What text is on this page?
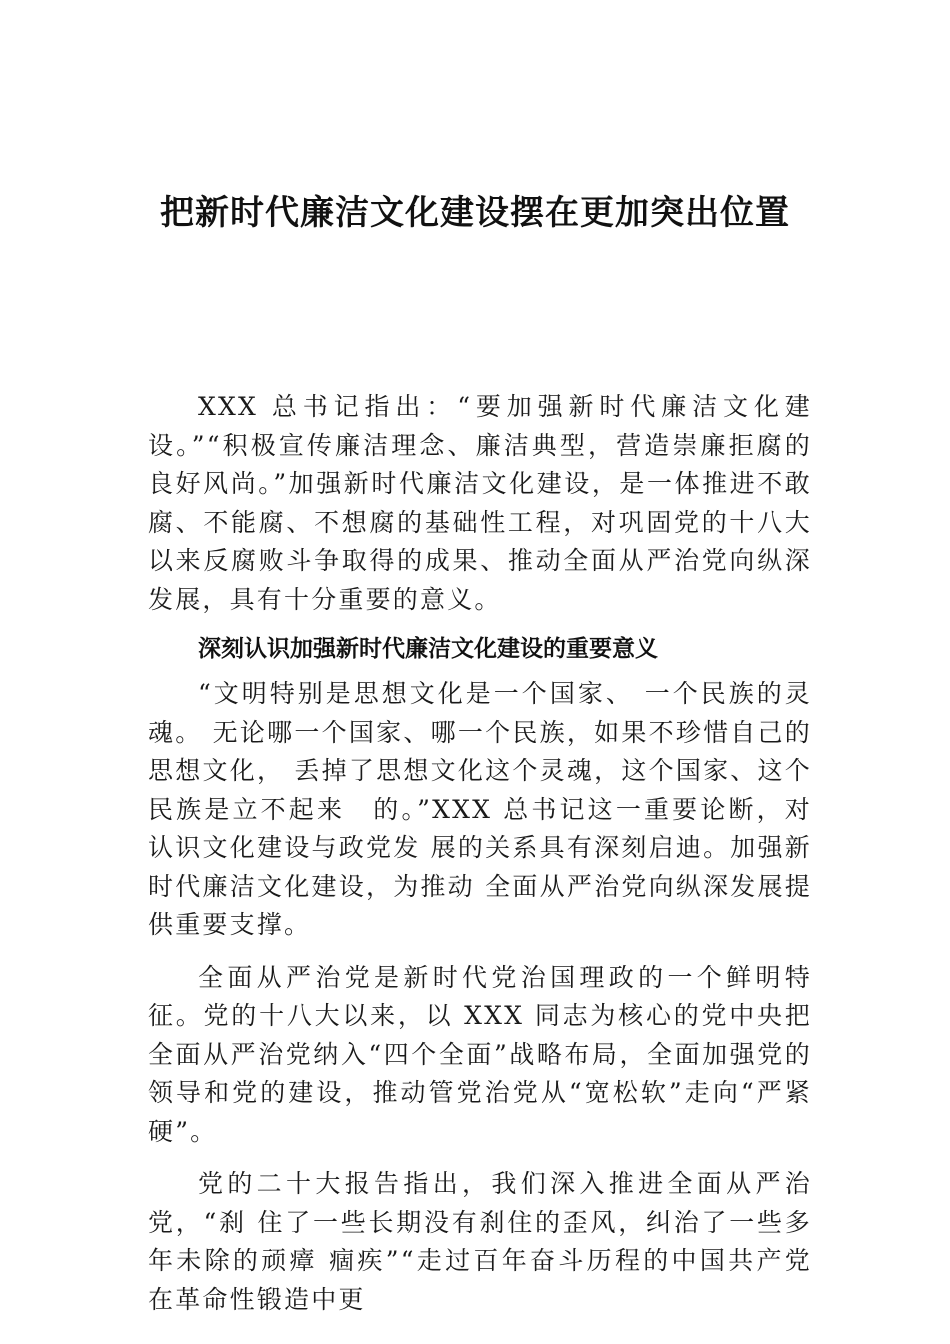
把新时代廉洁文化建设摆在更加突出位置

XXX 总书记指出：“要加强新时代廉洁文化建设。”“积极宣传廉洁理念、廉洁典型，营造崇廉拒腐的良好风尚。”加强新时代廉洁文化建设，是一体推进不敢腐、不能腐、不想腐的基础性工程，对巩固党的十八大以来反腐败斗争取得的成果、推动全面从严治党向纵深发展，具有十分重要的意义。

深刻认识加强新时代廉洁文化建设的重要意义

“文明特别是思想文化是一个国家、 一个民族的灵魂。 无论哪一个国家、哪一个民族，如果不珍惜自己的思想文化， 丢掉了思想文化这个灵魂，这个国家、这个民族是立不起来　的。”XXX 总书记这一重要论断，对认识文化建设与政党发 展的关系具有深刻启迪。加强新时代廉洁文化建设，为推动 全面从严治党向纵深发展提供重要支撑。

全面从严治党是新时代党治国理政的一个鲜明特征。党的十八大以来，以 XXX 同志为核心的党中央把全面从严治党纳入“四个全面”战略布局，全面加强党的领导和党的建设，推动管党治党从“宽松软”走向“严紧硬”。

党的二十大报告指出，我们深入推进全面从严治党，“刹 住了一些长期没有刹住的歪风，纠治了一些多年未除的顽瘴 痼疾”“走过百年奋斗历程的中国共产党在革命性锻造中更
